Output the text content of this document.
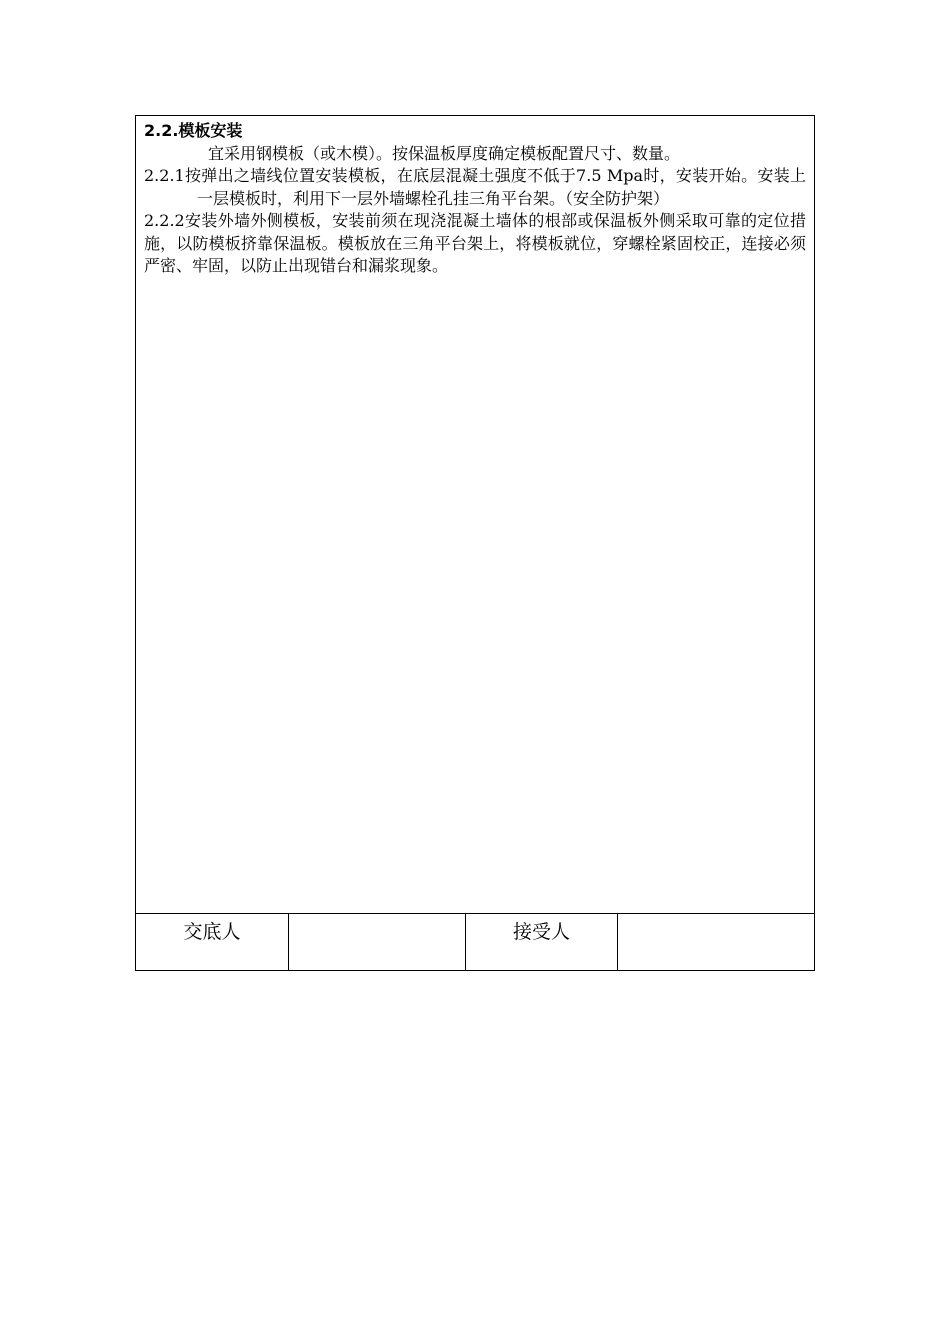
2.2.模板安装

宜采用钢模板（或木模）。按保温板厚度确定模板配置尺寸、数量。

2.2.1按弹出之墙线位置安装模板，在底层混凝土强度不低于7.5 Mpa时，安装开始。安装上一层模板时，利用下一层外墙螺栓孔挂三角平台架。（安全防护架）

2.2.2安装外墙外侧模板，安装前须在现浇混凝土墙体的根部或保温板外侧采取可靠的定位措施，以防模板挤靠保温板。模板放在三角平台架上，将模板就位，穿螺栓紧固校正，连接必须严密、牢固，以防止出现错台和漏浆现象。

交底人	接受人
